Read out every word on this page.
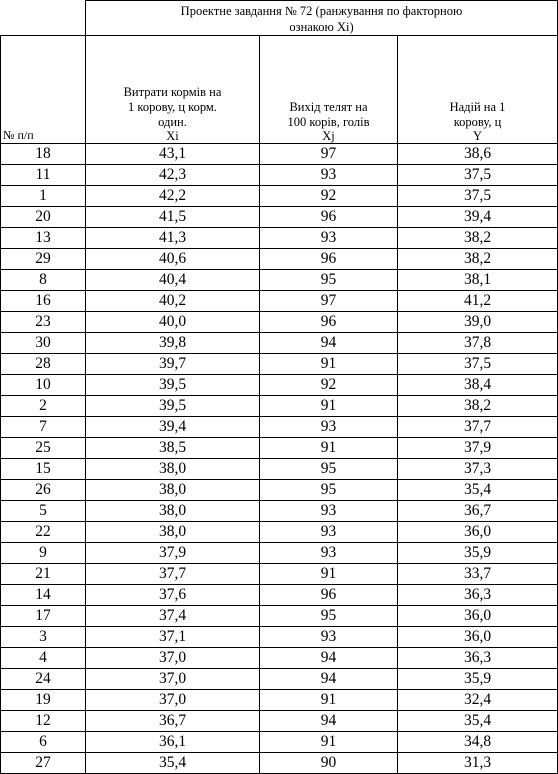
	Проектне завдання № 72 (ранжування по факторною
ознакою Хі)		

№ п/п	Витрати кормів на
1 корову, ц корм.
один.	Вихід телят на
100 корів, голів	Надій на 1
корову, ц

	Хі	Хj	Y
18	43,1	97	38,6
11	42,3	93	37,5
1	42,2	92	37,5
20	41,5	96	39,4
13	41,3	93	38,2
29	40,6	96	38,2
8	40,4	95	38,1
16	40,2	97	41,2
23	40,0	96	39,0
30	39,8	94	37,8
28	39,7	91	37,5
10	39,5	92	38,4
2	39,5	91	38,2
7	39,4	93	37,7
25	38,5	91	37,9
15	38,0	95	37,3
26	38,0	95	35,4
5	38,0	93	36,7
22	38,0	93	36,0
9	37,9	93	35,9
21	37,7	91	33,7
14	37,6	96	36,3
17	37,4	95	36,0
3	37,1	93	36,0
4	37,0	94	36,3
24	37,0	94	35,9
19	37,0	91	32,4
12	36,7	94	35,4
6	36,1	91	34,8
27	35,4	90	31,3
